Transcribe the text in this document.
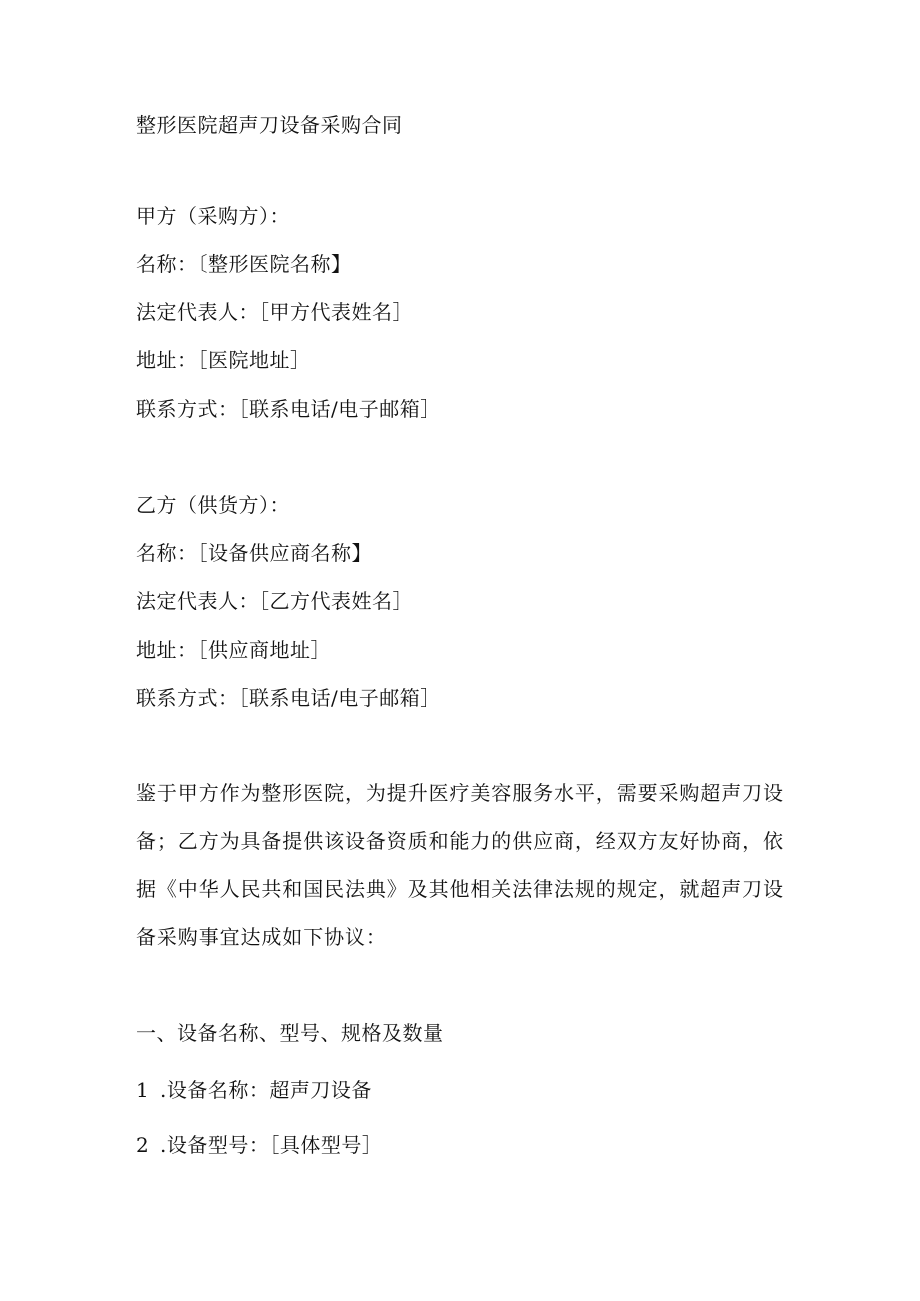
整形医院超声刀设备采购合同
甲方（采购方）：
名称：〔整形医院名称】
法定代表人：［甲方代表姓名］
地址：［医院地址］
联系方式：［联系电话/电子邮箱］
乙方（供货方）：
名称：［设备供应商名称】
法定代表人：［乙方代表姓名］
地址：［供应商地址］
联系方式：［联系电话/电子邮箱］
鉴于甲方作为整形医院，为提升医疗美容服务水平，需要采购超声刀设
备；乙方为具备提供该设备资质和能力的供应商，经双方友好协商，依
据《中华人民共和国民法典》及其他相关法律法规的规定，就超声刀设
备采购事宜达成如下协议：
一、设备名称、型号、规格及数量
1 .设备名称：超声刀设备
2 .设备型号：［具体型号］
